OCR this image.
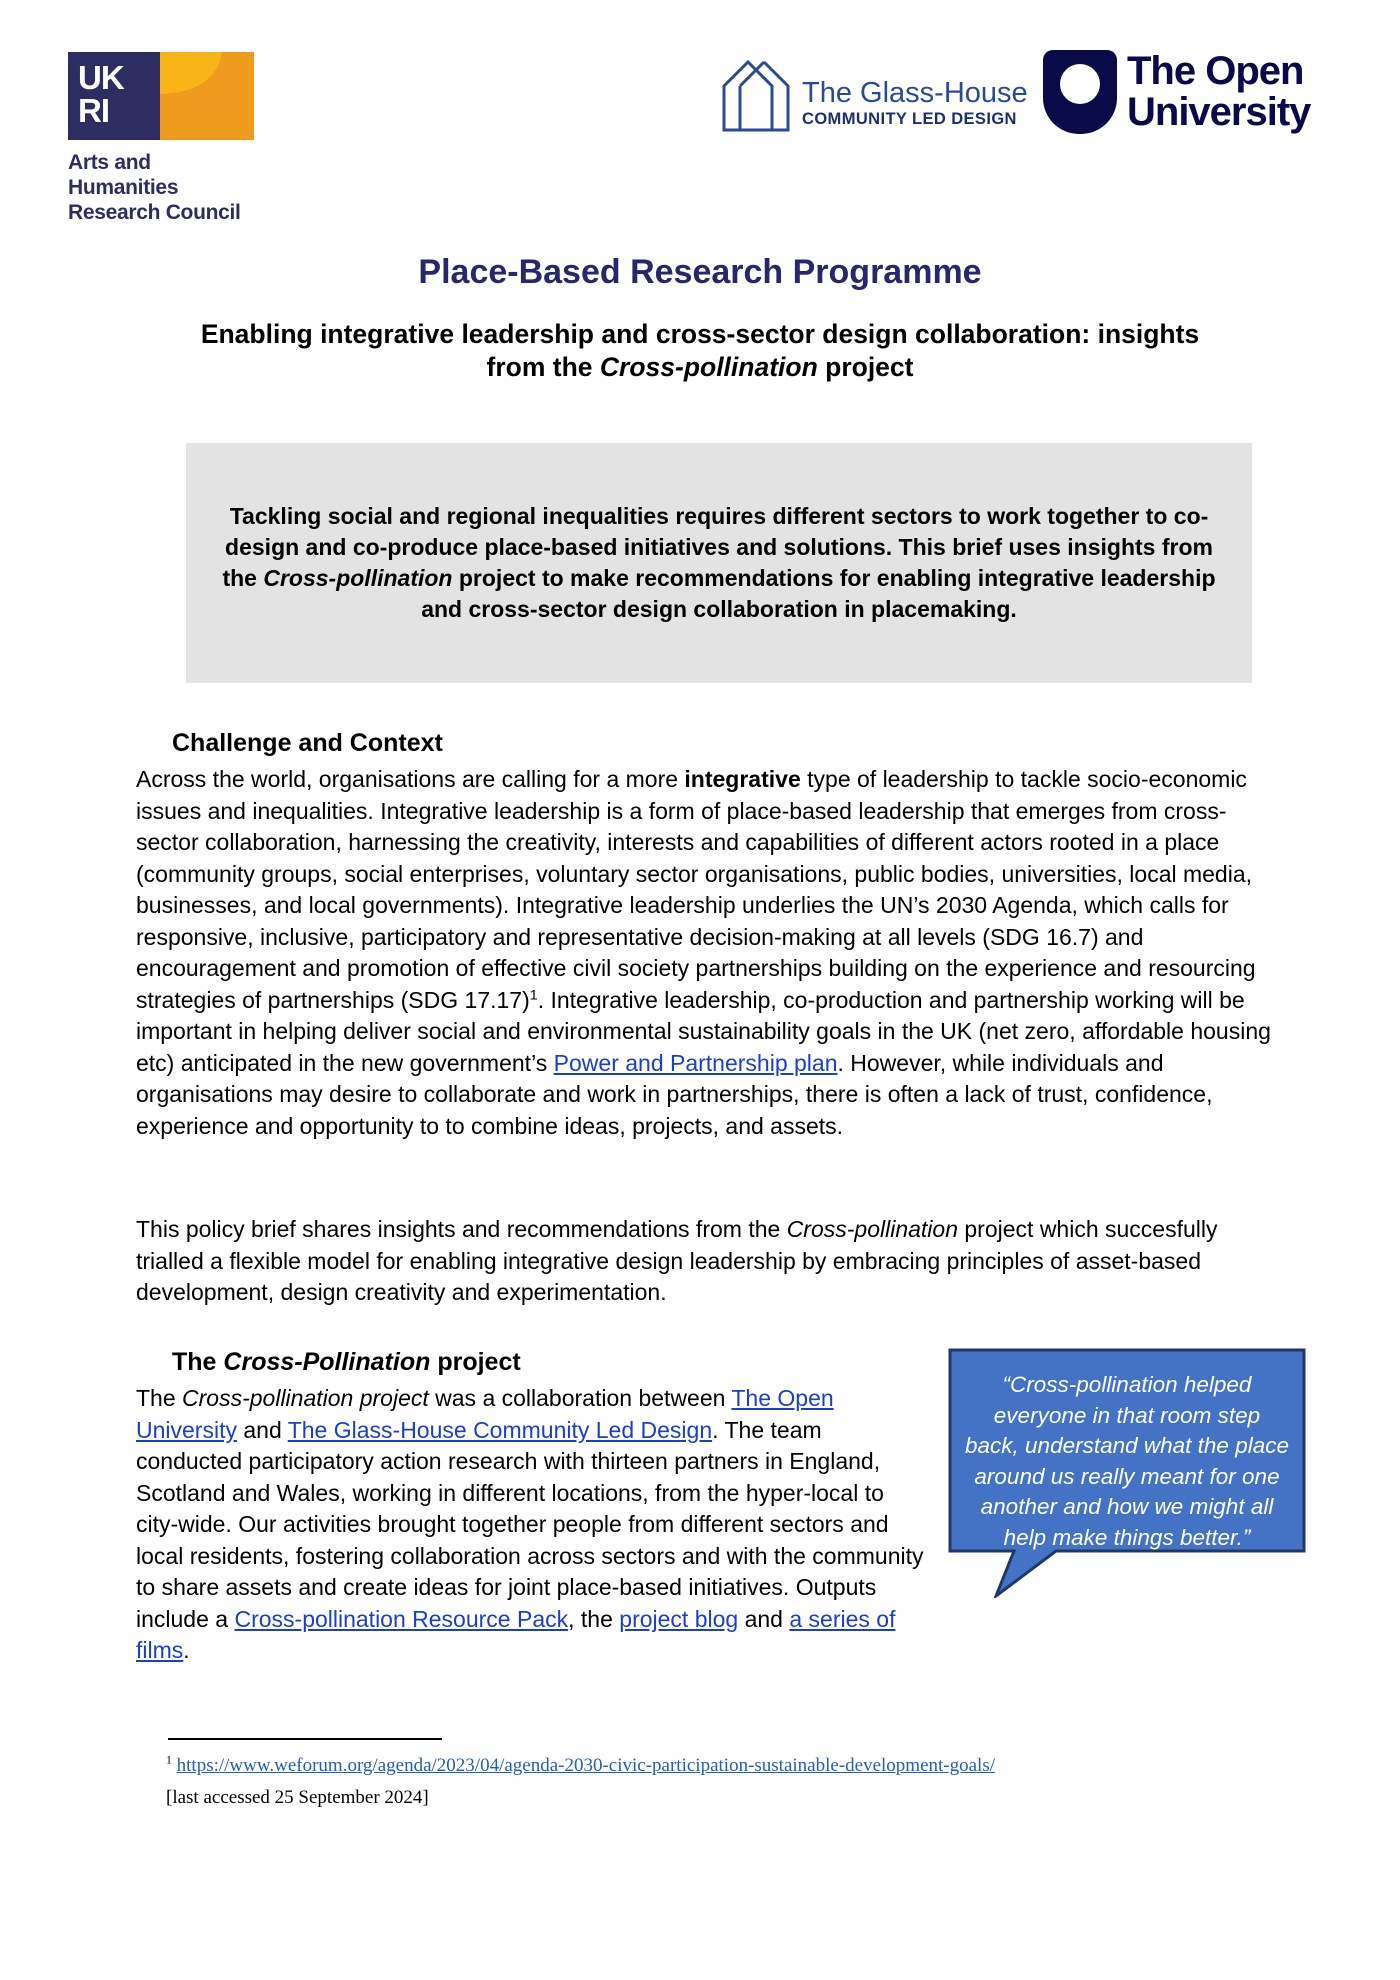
UK
RI
Arts and
Humanities
Research Council
The Glass-House
COMMUNITY LED DESIGN
The Open
University
Place-Based Research Programme
Enabling integrative leadership and cross-sector design collaboration: insights from the Cross-pollination project
Tackling social and regional inequalities requires different sectors to work together to co-design and co-produce place-based initiatives and solutions. This brief uses insights from the Cross-pollination project to make recommendations for enabling integrative leadership and cross-sector design collaboration in placemaking.
Challenge and Context
Across the world, organisations are calling for a more integrative type of leadership to tackle socio-economic issues and inequalities. Integrative leadership is a form of place-based leadership that emerges from cross-sector collaboration, harnessing the creativity, interests and capabilities of different actors rooted in a place (community groups, social enterprises, voluntary sector organisations, public bodies, universities, local media, businesses, and local governments). Integrative leadership underlies the UN’s 2030 Agenda, which calls for responsive, inclusive, participatory and representative decision-making at all levels (SDG 16.7) and encouragement and promotion of effective civil society partnerships building on the experience and resourcing strategies of partnerships (SDG 17.17)$^1$. Integrative leadership, co-production and partnership working will be important in helping deliver social and environmental sustainability goals in the UK (net zero, affordable housing etc) anticipated in the new government’s Power and Partnership plan. However, while individuals and organisations may desire to collaborate and work in partnerships, there is often a lack of trust, confidence, experience and opportunity to to combine ideas, projects, and assets.
This policy brief shares insights and recommendations from the Cross-pollination project which succesfully trialled a flexible model for enabling integrative design leadership by embracing principles of asset-based development, design creativity and experimentation.
The Cross-Pollination project
The Cross-pollination project was a collaboration between The Open University and The Glass-House Community Led Design. The team conducted participatory action research with thirteen partners in England, Scotland and Wales, working in different locations, from the hyper-local to city-wide. Our activities brought together people from different sectors and local residents, fostering collaboration across sectors and with the community to share assets and create ideas for joint place-based initiatives. Outputs include a Cross-pollination Resource Pack, the project blog and a series of films.
“Cross-pollination helped everyone in that room step back, understand what the place around us really meant for one another and how we might all help make things better.”
$^1$ https://www.weforum.org/agenda/2023/04/agenda-2030-civic-participation-sustainable-development-goals/
[last accessed 25 September 2024]
